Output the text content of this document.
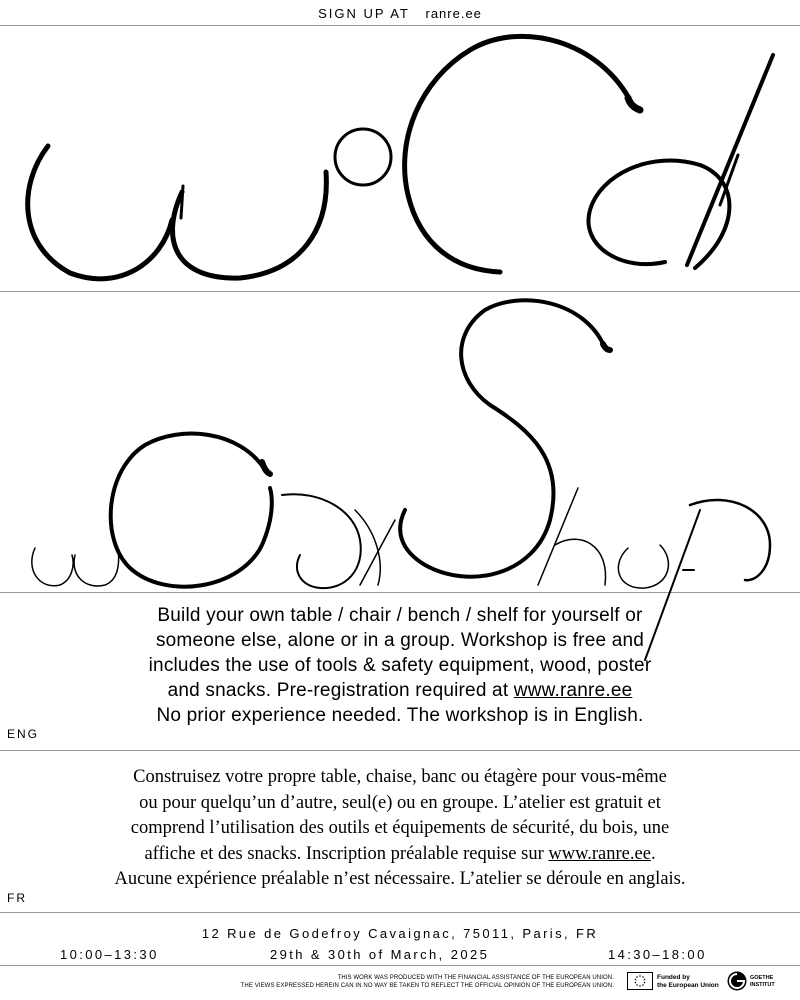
SIGN UP AT ranre.ee

Build your own table / chair / bench / shelf for yourself or

someone else, alone or in a group. Workshop is free and

includes the use of tools & safety equipment, wood, poster

and snacks. Pre-registration required at www.ranre.ee

No prior experience needed. The workshop is in English.

ENG

Construisez votre propre table, chaise, banc ou étagère pour vous-même

ou pour quelqu’un d’autre, seul(e) ou en groupe. L’atelier est gratuit et

comprend l’utilisation des outils et équipements de sécurité, du bois, une

affiche et des snacks. Inscription préalable requise sur www.ranre.ee.

Aucune expérience préalable n’est nécessaire. L’atelier se déroule en anglais.

FR
12 Rue de Godefroy Cavaignac, 75011, Paris, FR
10:00–13:30	29th & 30th of March, 2025	14:30–18:00
THIS WORK WAS PRODUCED WITH THE FINANCIAL ASSISTANCE OF THE EUROPEAN UNION.
THE VIEWS EXPRESSED HEREIN CAN IN NO WAY BE TAKEN TO REFLECT THE OFFICIAL OPINION OF THE EUROPEAN UNION.
Funded by
the European Union
GOETHE
INSTITUT
